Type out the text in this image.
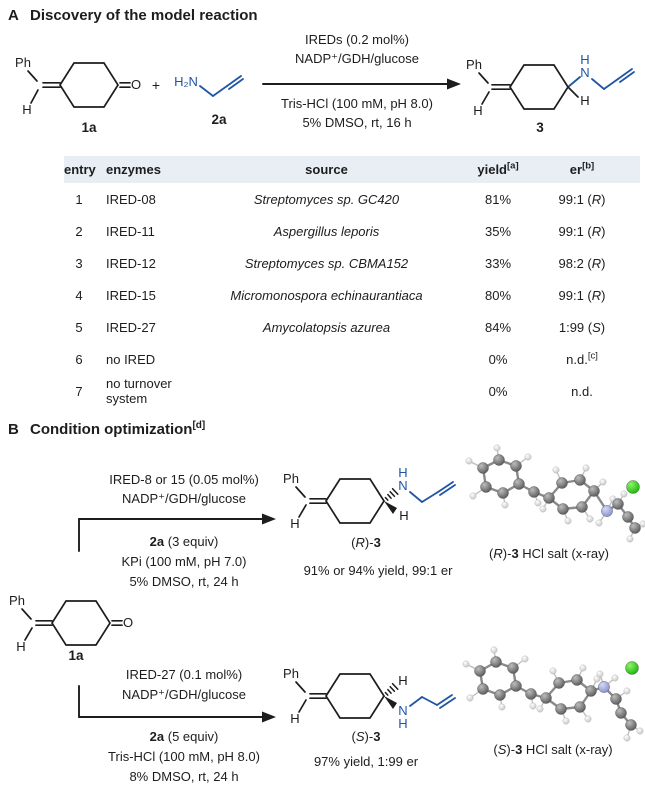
A Discovery of the model reaction
Ph
H
O
1a
+ H₂N
2a
IREDs (0.2 mol%)
NADP⁺/GDH/glucose
Tris-HCl (100 mM, pH 8.0)
5% DMSO, rt, 16 h
Ph
H
N
H
H
3
entry	enzymes	source	yield[a]	er[b]	
1	IRED-08	Streptomyces sp. GC420	81%	99:1 (R)	
2	IRED-11	Aspergillus leporis	35%	99:1 (R)	
3	IRED-12	Streptomyces sp. CBMA152	33%	98:2 (R)	
4	IRED-15	Micromonospora echinaurantiaca	80%	99:1 (R)	
5	IRED-27	Amycolatopsis azurea	84%	1:99 (S)	
6	no IRED		0%	n.d.[c]	
7	no turnover system		0%	n.d.	
B Condition optimization[d]
Ph
H
O
1a
IRED-8 or 15 (0.05 mol%)
NADP⁺/GDH/glucose
2a (3 equiv)
KPi (100 mM, pH 7.0)
5% DMSO, rt, 24 h
IRED-27 (0.1 mol%)
NADP⁺/GDH/glucose
2a (5 equiv)
Tris-HCl (100 mM, pH 8.0)
8% DMSO, rt, 24 h
Ph
H
N
H
H
(R)-3
91% or 94% yield, 99:1 er
Ph
H
H
N
H
(S)-3
97% yield, 1:99 er
(R)-3 HCl salt (x-ray)
(S)-3 HCl salt (x-ray)
